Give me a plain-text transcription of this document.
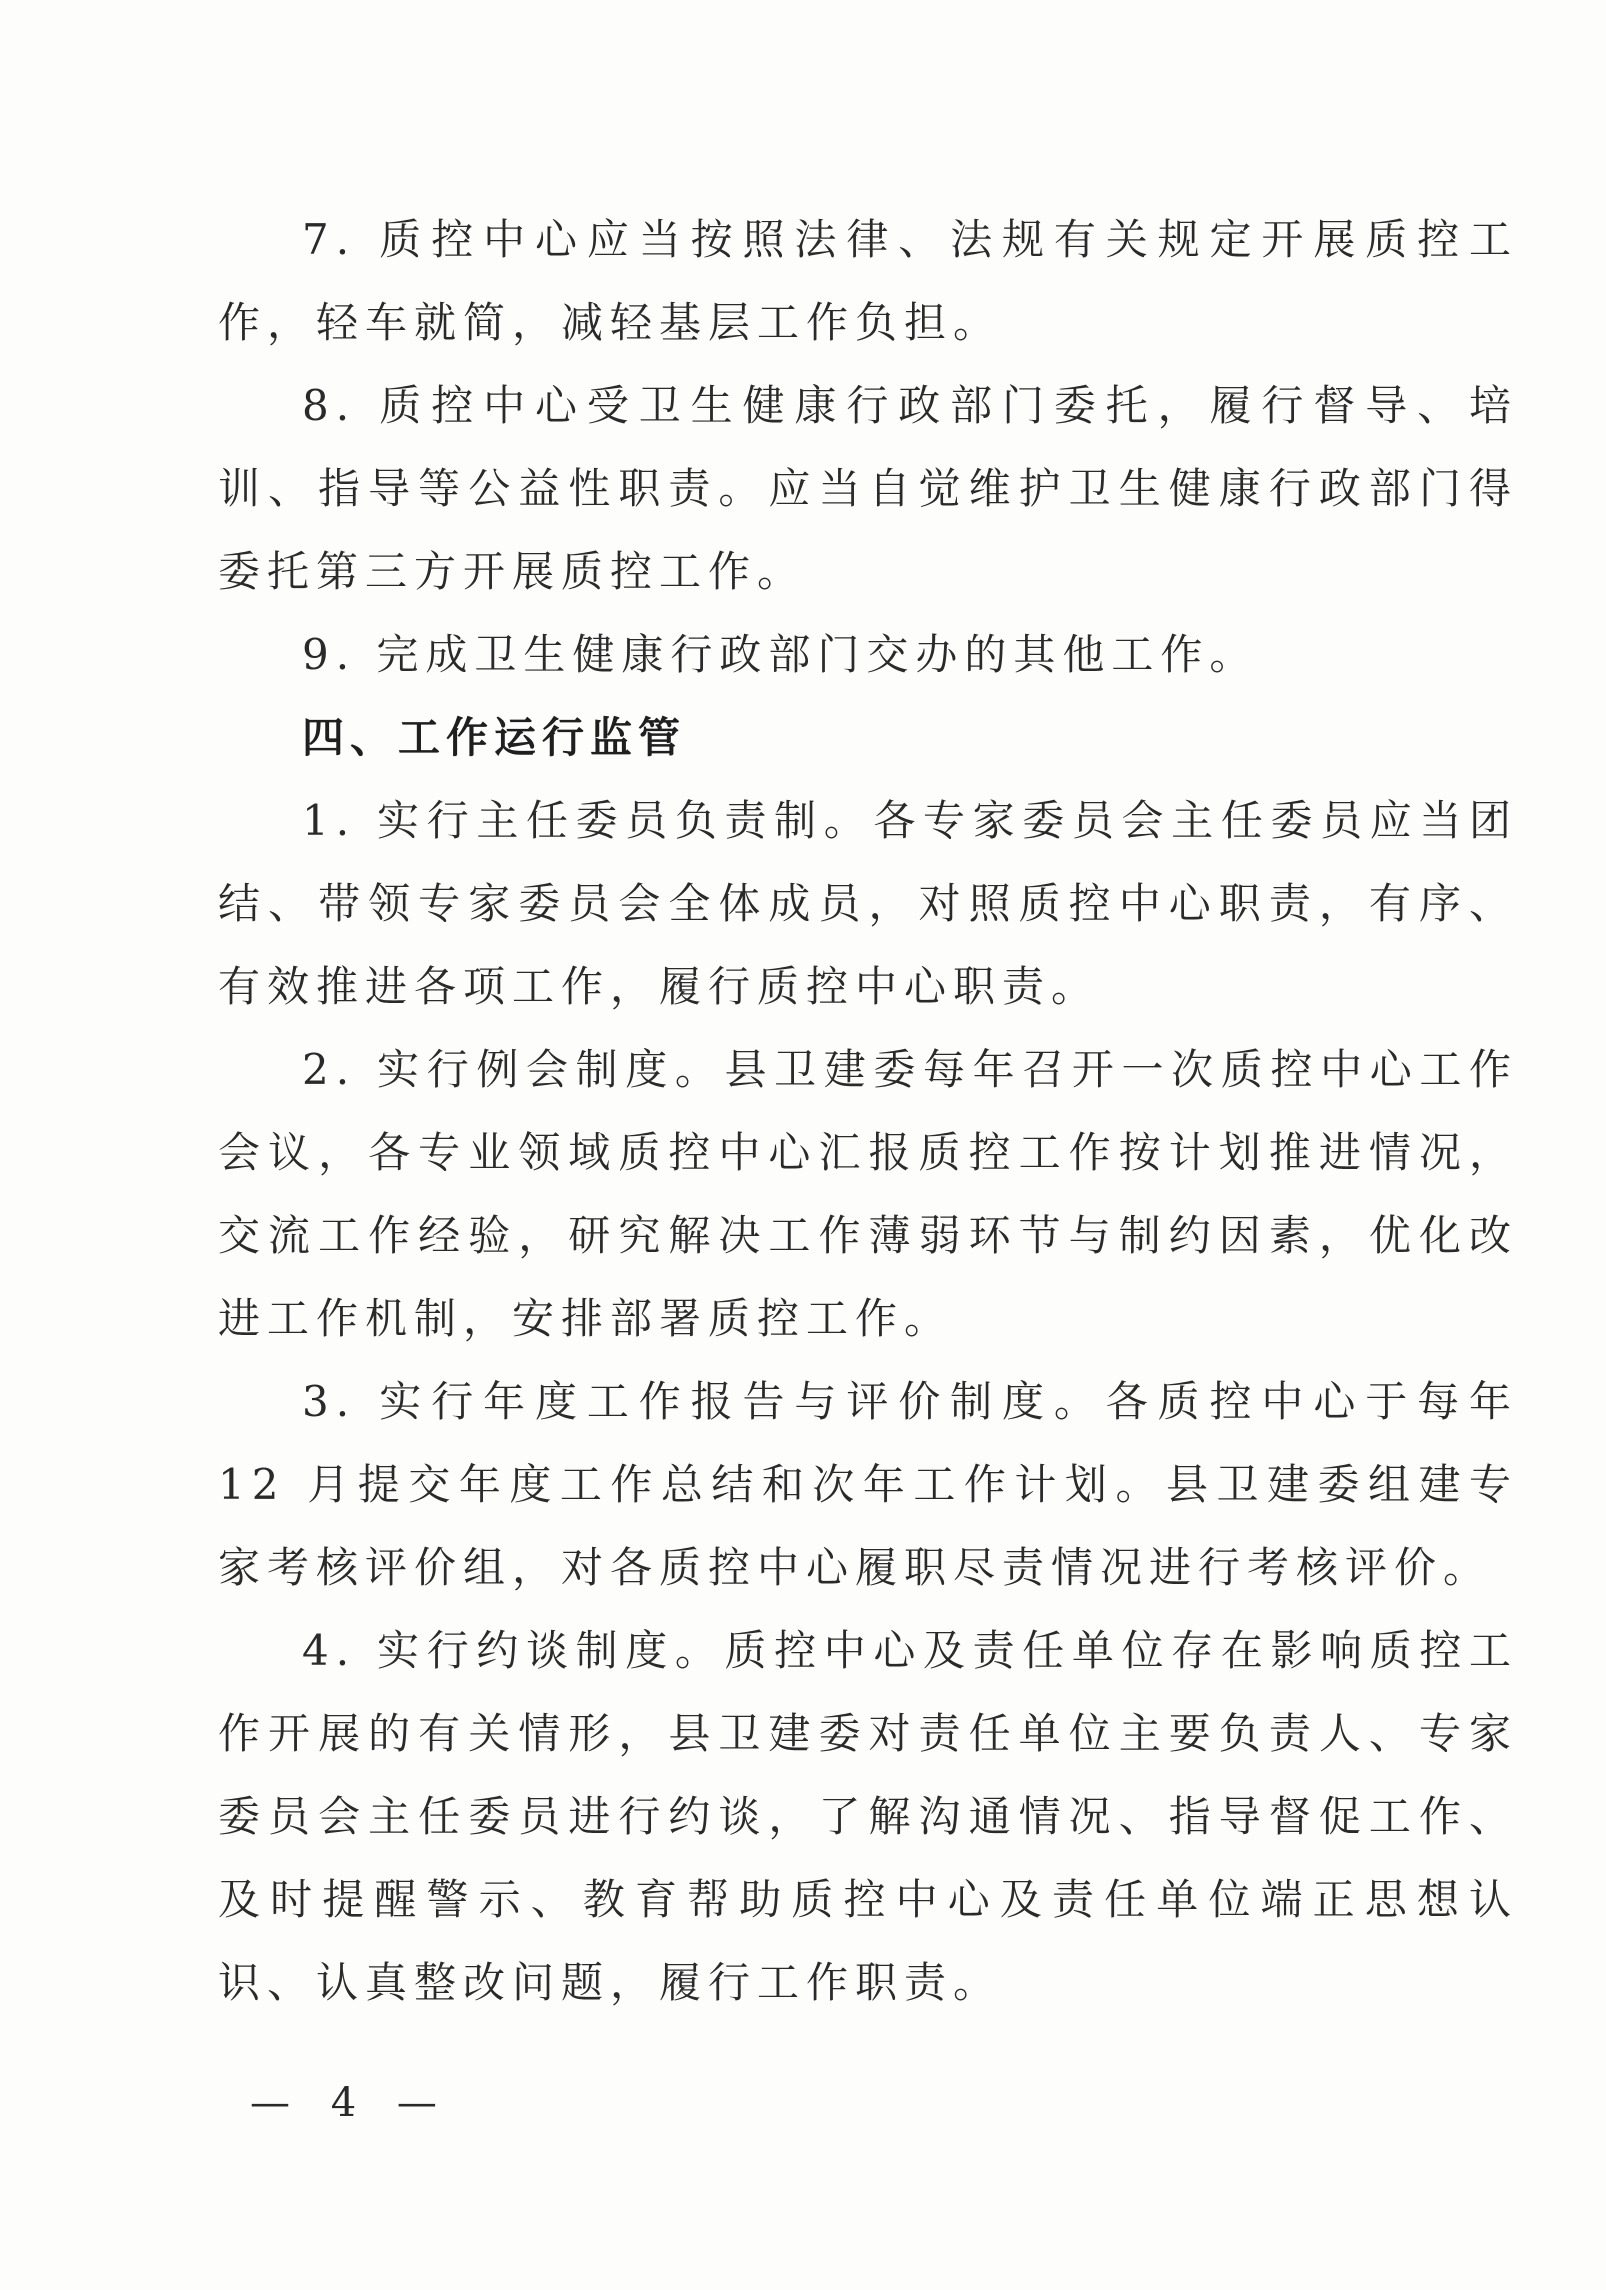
7. 质控中心应当按照法律、法规有关规定开展质控工作，轻车就简，减轻基层工作负担。

8. 质控中心受卫生健康行政部门委托，履行督导、培训、指导等公益性职责。应当自觉维护卫生健康行政部门得委托第三方开展质控工作。

9. 完成卫生健康行政部门交办的其他工作。

四、工作运行监管

1. 实行主任委员负责制。各专家委员会主任委员应当团结、带领专家委员会全体成员，对照质控中心职责，有序、有效推进各项工作，履行质控中心职责。

2. 实行例会制度。县卫建委每年召开一次质控中心工作会议，各专业领域质控中心汇报质控工作按计划推进情况，交流工作经验，研究解决工作薄弱环节与制约因素，优化改进工作机制，安排部署质控工作。

3. 实行年度工作报告与评价制度。各质控中心于每年 12 月提交年度工作总结和次年工作计划。县卫建委组建专家考核评价组，对各质控中心履职尽责情况进行考核评价。

4. 实行约谈制度。质控中心及责任单位存在影响质控工作开展的有关情形，县卫建委对责任单位主要负责人、专家委员会主任委员进行约谈，了解沟通情况、指导督促工作、及时提醒警示、教育帮助质控中心及责任单位端正思想认识、认真整改问题，履行工作职责。

— 4 —
